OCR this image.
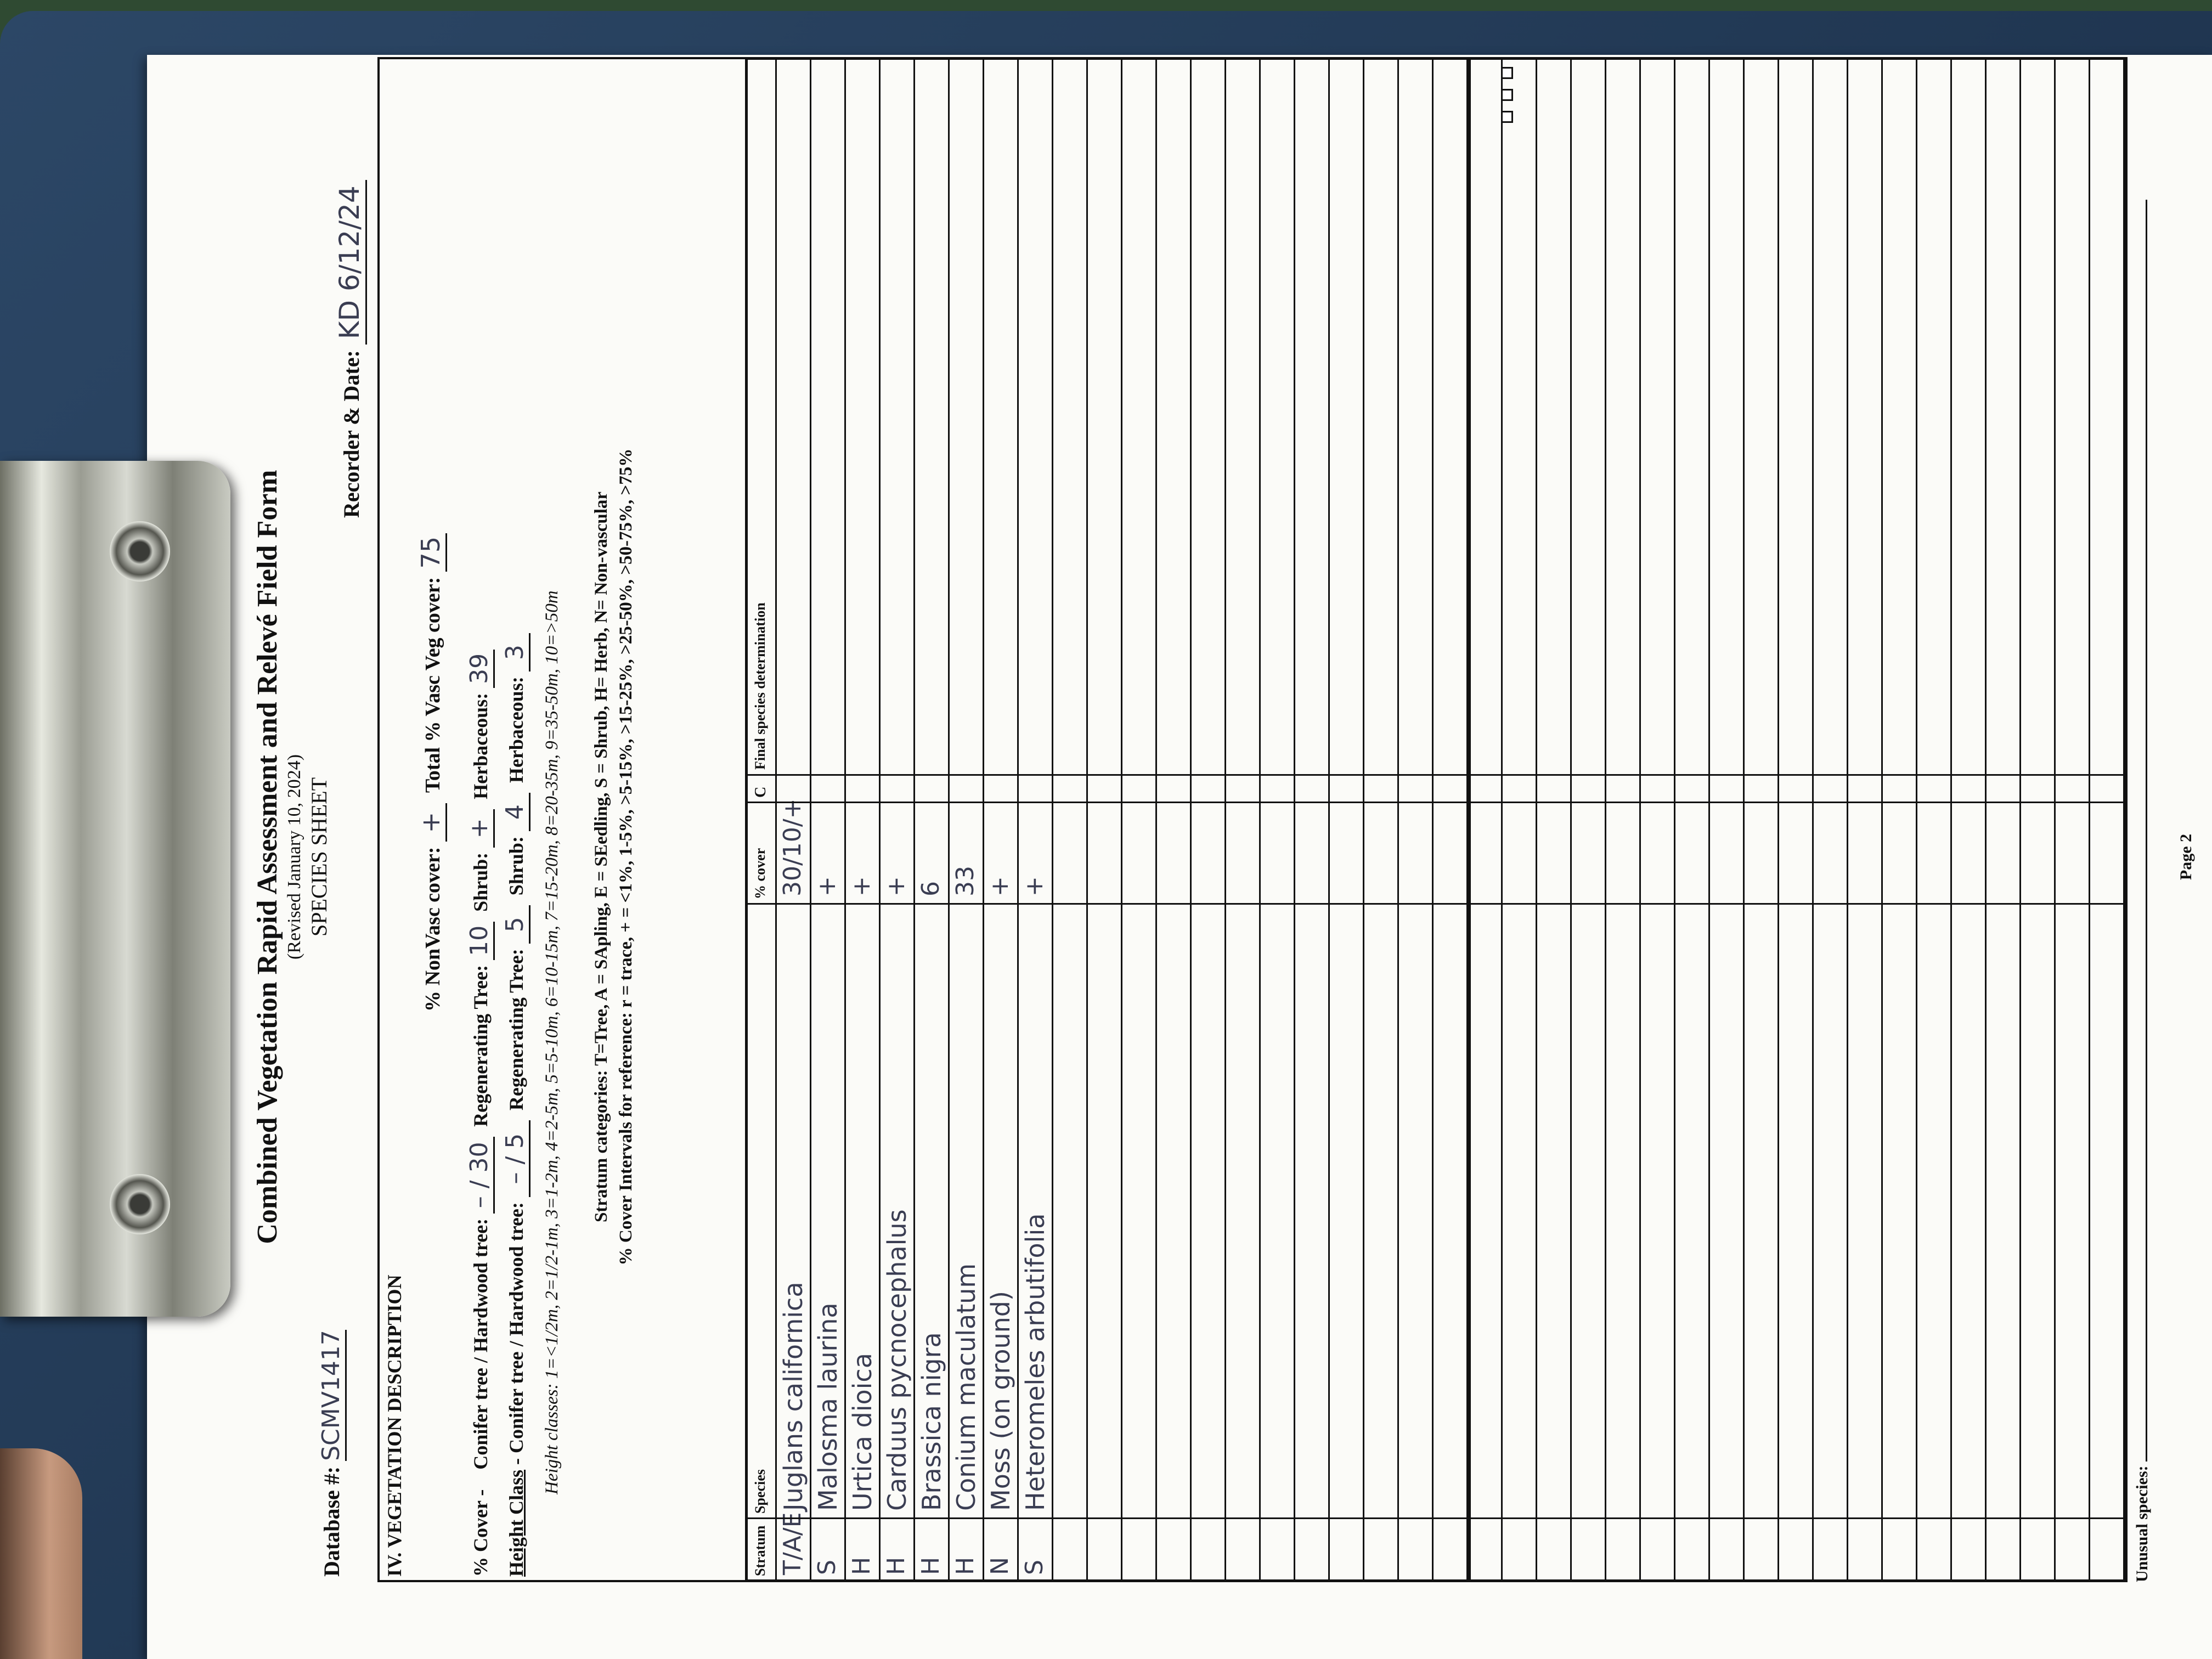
Combined Vegetation Rapid Assessment and Relevé Field Form (Revised January 10, 2024) SPECIES SHEET
Database #: SCMV1417
Recorder & Date: KD 6/12/24
IV. VEGETATION DESCRIPTION
% NonVasc cover: +  Total % Vasc Veg cover: 75
% Cover -    Conifer tree / Hardwood tree: – / 30  Regenerating Tree: 10  Shrub: +  Herbaceous: 39
Height Class - Conifer tree / Hardwood tree: – / 5  Regenerating Tree: 5  Shrub: 4  Herbaceous: 3 Height classes: 1=<1/2m, 2=1/2-1m, 3=1-2m, 4=2-5m, 5=5-10m, 6=10-15m, 7=15-20m, 8=20-35m, 9=35-50m, 10=>50m Stratum categories: T=Tree, A = SApling, E = SEedling, S = Shrub, H= Herb, N= Non-vascular % Cover Intervals for reference: r = trace, + = <1%, 1-5%, >5-15%, >15-25%, >25-50%, >50-75%, >75%
Stratum
Species
% cover
C
Final species determination
T/A/E
Juglans californica
30/10/+
S
Malosma laurina
+
H
Urtica dioica
+
H
Carduus pycnocephalus
+
H
Brassica nigra
6
H
Conium maculatum
33
N
Moss (on ground)
+
S
Heteromeles arbutifolia
+
Unusual species:
Page 2
